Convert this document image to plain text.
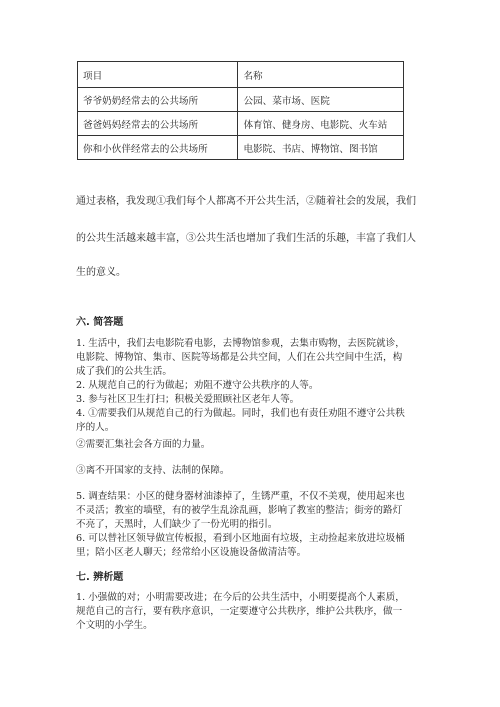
项目	名称
爷爷奶奶经常去的公共场所	公园、菜市场、医院
爸爸妈妈经常去的公共场所	体育馆、健身房、电影院、火车站
你和小伙伴经常去的公共场所	电影院、书店、博物馆、图书馆
通过表格，我发现①我们每个人都离不开公共生活，②随着社会的发展，我们
的公共生活越来越丰富，③公共生活也增加了我们生活的乐趣，丰富了我们人
生的意义。
六. 简答题
1. 生活中，我们去电影院看电影，去博物馆参观，去集市购物，去医院就诊，
电影院、博物馆、集市、医院等场都是公共空间，人们在公共空间中生活，构
成了我们的公共生活。
2. 从规范自己的行为做起；劝阻不遵守公共秩序的人等。
3. 参与社区卫生打扫；积极关爱照顾社区老年人等。
4. ①需要我们从规范自己的行为做起。同时，我们也有责任劝阻不遵守公共秩
序的人。
②需要汇集社会各方面的力量。
③离不开国家的支持、法制的保障。
5. 调查结果：小区的健身器材油漆掉了，生锈严重，不仅不美观，使用起来也
不灵活；教室的墙壁，有的被学生乱涂乱画，影响了教室的整洁；街旁的路灯
不亮了，天黑时，人们缺少了一份光明的指引。
6. 可以替社区领导做宣传板报，看到小区地面有垃圾，主动捡起来放进垃圾桶
里；陪小区老人聊天；经常给小区设施设备做清洁等。
七. 辨析题
1. 小强做的对；小明需要改进；在今后的公共生活中，小明要提高个人素质，
规范自己的言行，要有秩序意识，一定要遵守公共秩序，维护公共秩序，做一
个文明的小学生。
